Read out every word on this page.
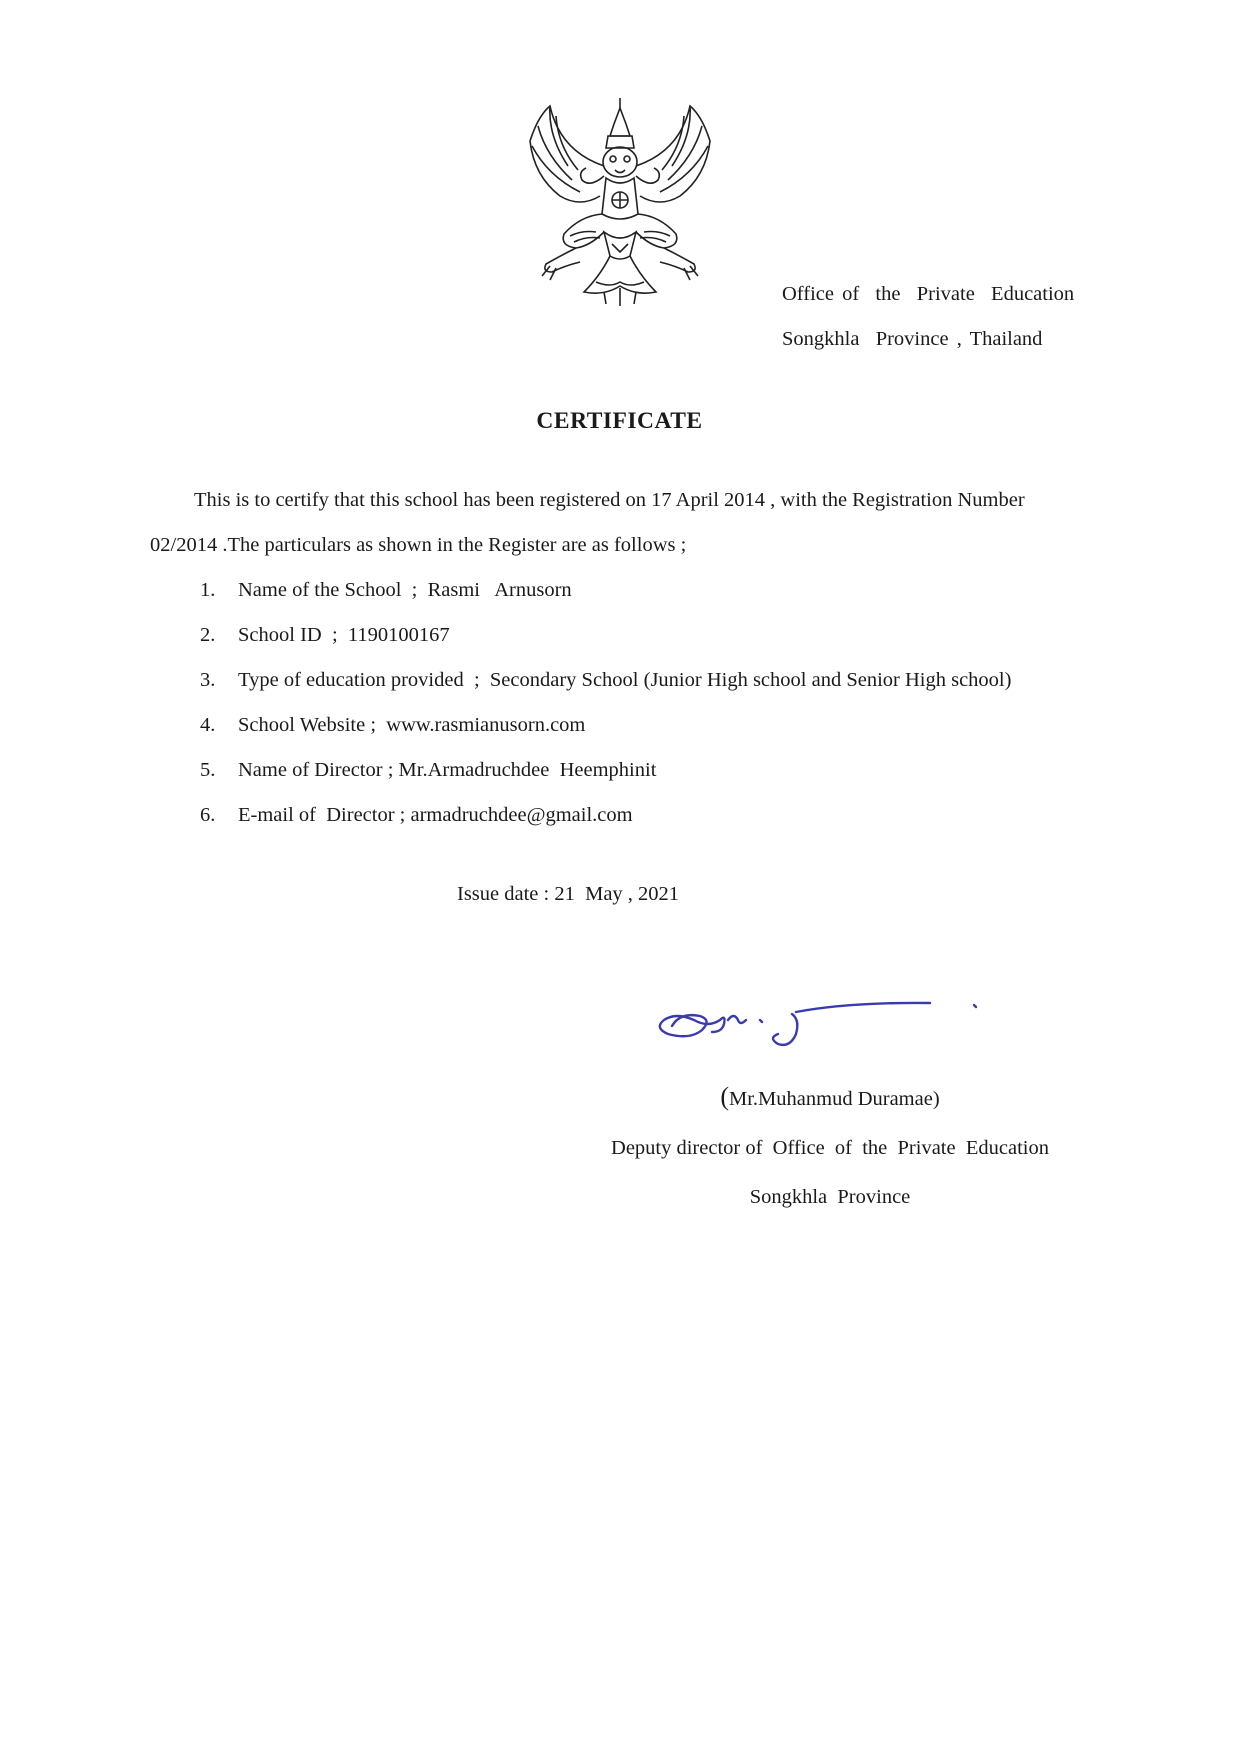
Office of  the  Private  Education
Songkhla  Province , Thailand
CERTIFICATE
This is to certify that this school has been registered on 17 April 2014 , with the Registration Number
02/2014 .The particulars as shown in the Register are as follows ;
1.	Name of the School  ;  Rasmi   Arnusorn
2.	School ID  ;  1190100167
3.	Type of education provided  ;  Secondary School (Junior High school and Senior High school)
4.	School Website ;  www.rasmianusorn.com
5.	Name of Director ; Mr.Armadruchdee  Heemphinit
6.	E-mail of  Director ; armadruchdee@gmail.com
Issue date : 21  May , 2021
(Mr.Muhanmud Duramae)
Deputy director of  Office  of  the  Private  Education
Songkhla  Province
